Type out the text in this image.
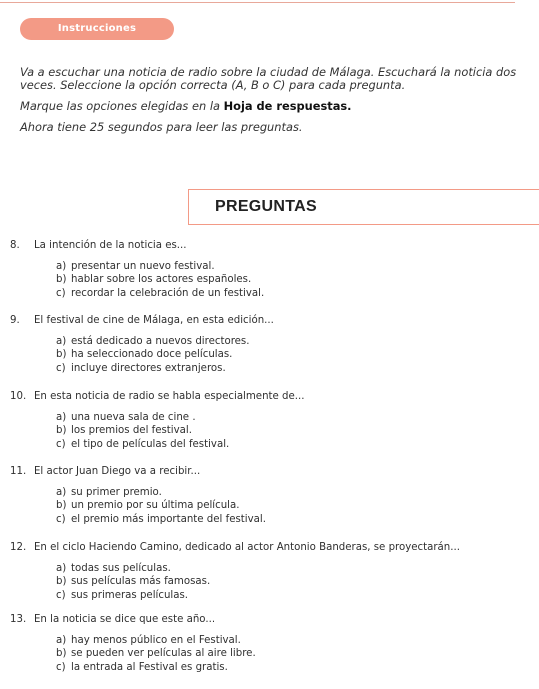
Instrucciones

Va a escuchar una noticia de radio sobre la ciudad de Málaga. Escuchará la noticia dos veces. Seleccione la opción correcta (A, B o C) para cada pregunta.

Marque las opciones elegidas en la Hoja de respuestas.

Ahora tiene 25 segundos para leer las preguntas.

PREGUNTAS
8. La intención de la noticia es...
a) presentar un nuevo festival.
b) hablar sobre los actores españoles.
c) recordar la celebración de un festival.
9. El festival de cine de Málaga, en esta edición...
a) está dedicado a nuevos directores.
b) ha seleccionado doce películas.
c) incluye directores extranjeros.
10. En esta noticia de radio se habla especialmente de...
a) una nueva sala de cine .
b) los premios del festival.
c) el tipo de películas del festival.
11. El actor Juan Diego va a recibir...
a) su primer premio.
b) un premio por su última película.
c) el premio más importante del festival.
12. En el ciclo Haciendo Camino, dedicado al actor Antonio Banderas, se proyectarán...
a) todas sus películas.
b) sus películas más famosas.
c) sus primeras películas.
13. En la noticia se dice que este año...
a) hay menos público en el Festival.
b) se pueden ver películas al aire libre.
c) la entrada al Festival es gratis.
